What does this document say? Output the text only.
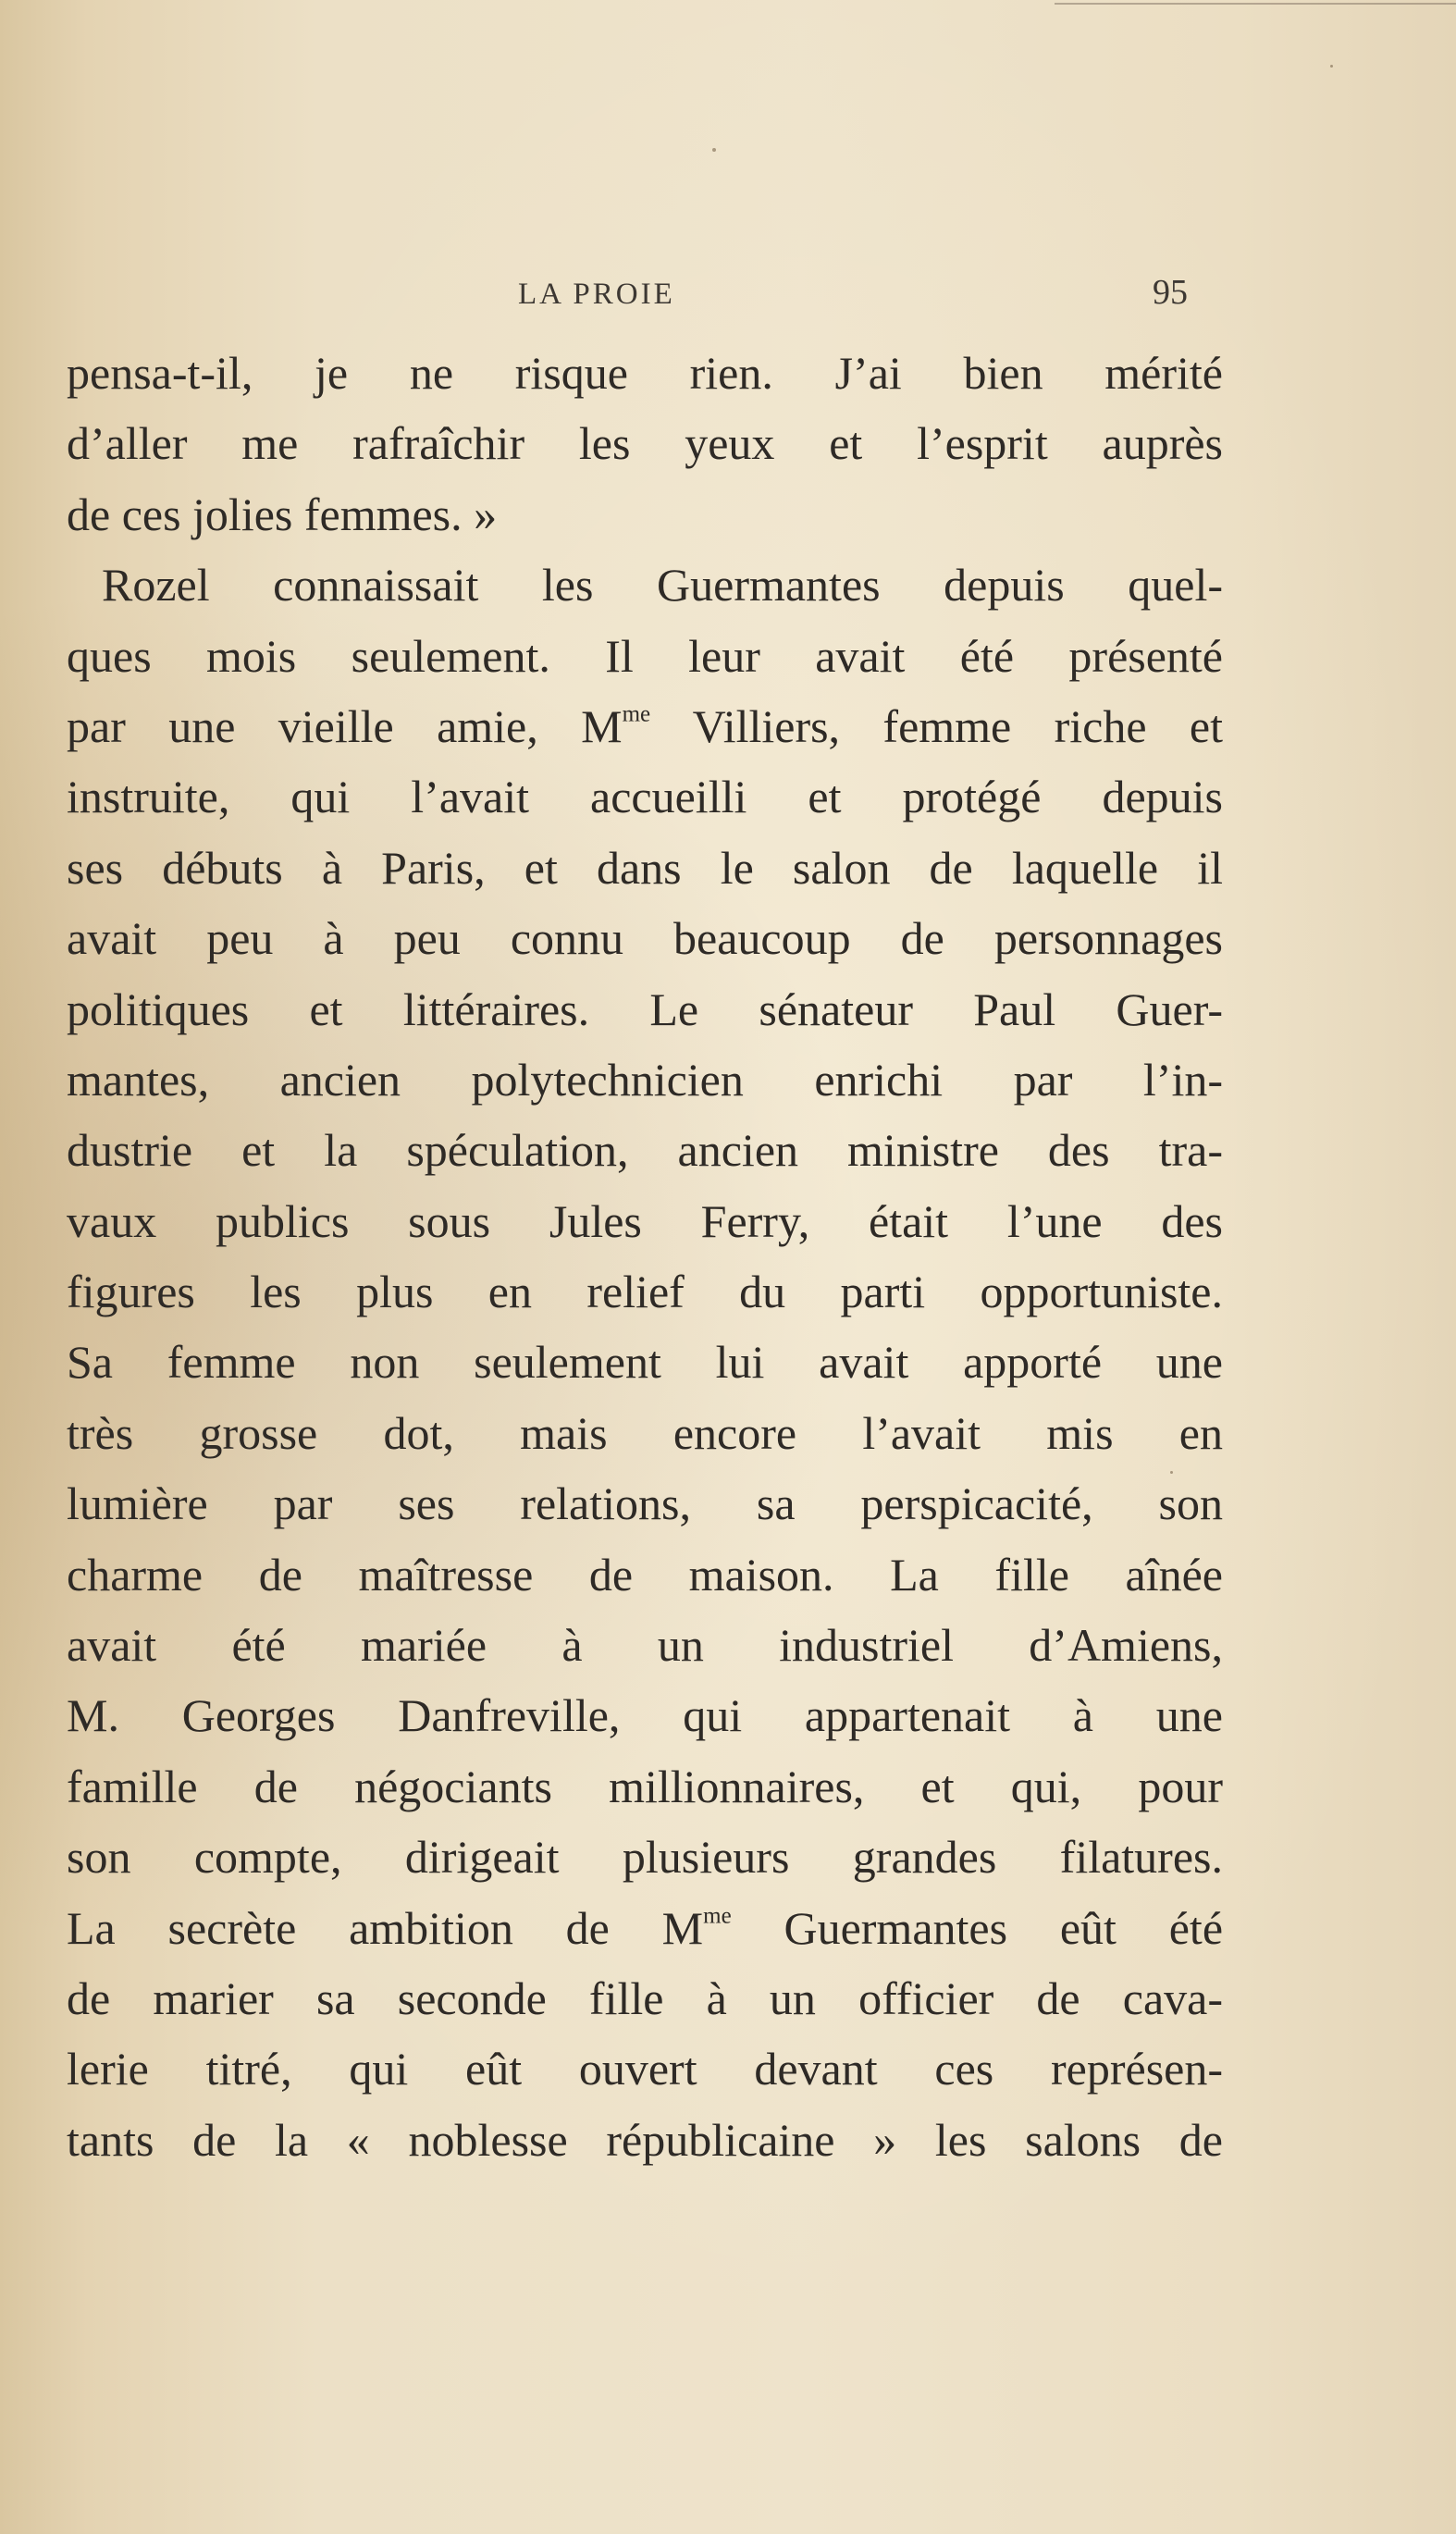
LA PROIE	95
pensa-t-il, je ne risque rien. J’ai bien mérité
d’aller me rafraîchir les yeux et l’esprit auprès
de ces jolies femmes. »
Rozel connaissait les Guermantes depuis quel-
ques mois seulement. Il leur avait été présenté
par une vieille amie, $M^{me}$ Villiers, femme riche et
instruite, qui l’avait accueilli et protégé depuis
ses débuts à Paris, et dans le salon de laquelle il
avait peu à peu connu beaucoup de personnages
politiques et littéraires. Le sénateur Paul Guer-
mantes, ancien polytechnicien enrichi par l’in-
dustrie et la spéculation, ancien ministre des tra-
vaux publics sous Jules Ferry, était l’une des
figures les plus en relief du parti opportuniste.
Sa femme non seulement lui avait apporté une
très grosse dot, mais encore l’avait mis en
lumière par ses relations, sa perspicacité, son
charme de maîtresse de maison. La fille aînée
avait été mariée à un industriel d’Amiens,
M. Georges Danfreville, qui appartenait à une
famille de négociants millionnaires, et qui, pour
son compte, dirigeait plusieurs grandes filatures.
La secrète ambition de $M^{me}$ Guermantes eût été
de marier sa seconde fille à un officier de cava-
lerie titré, qui eût ouvert devant ces représen-
tants de la « noblesse républicaine » les salons de
